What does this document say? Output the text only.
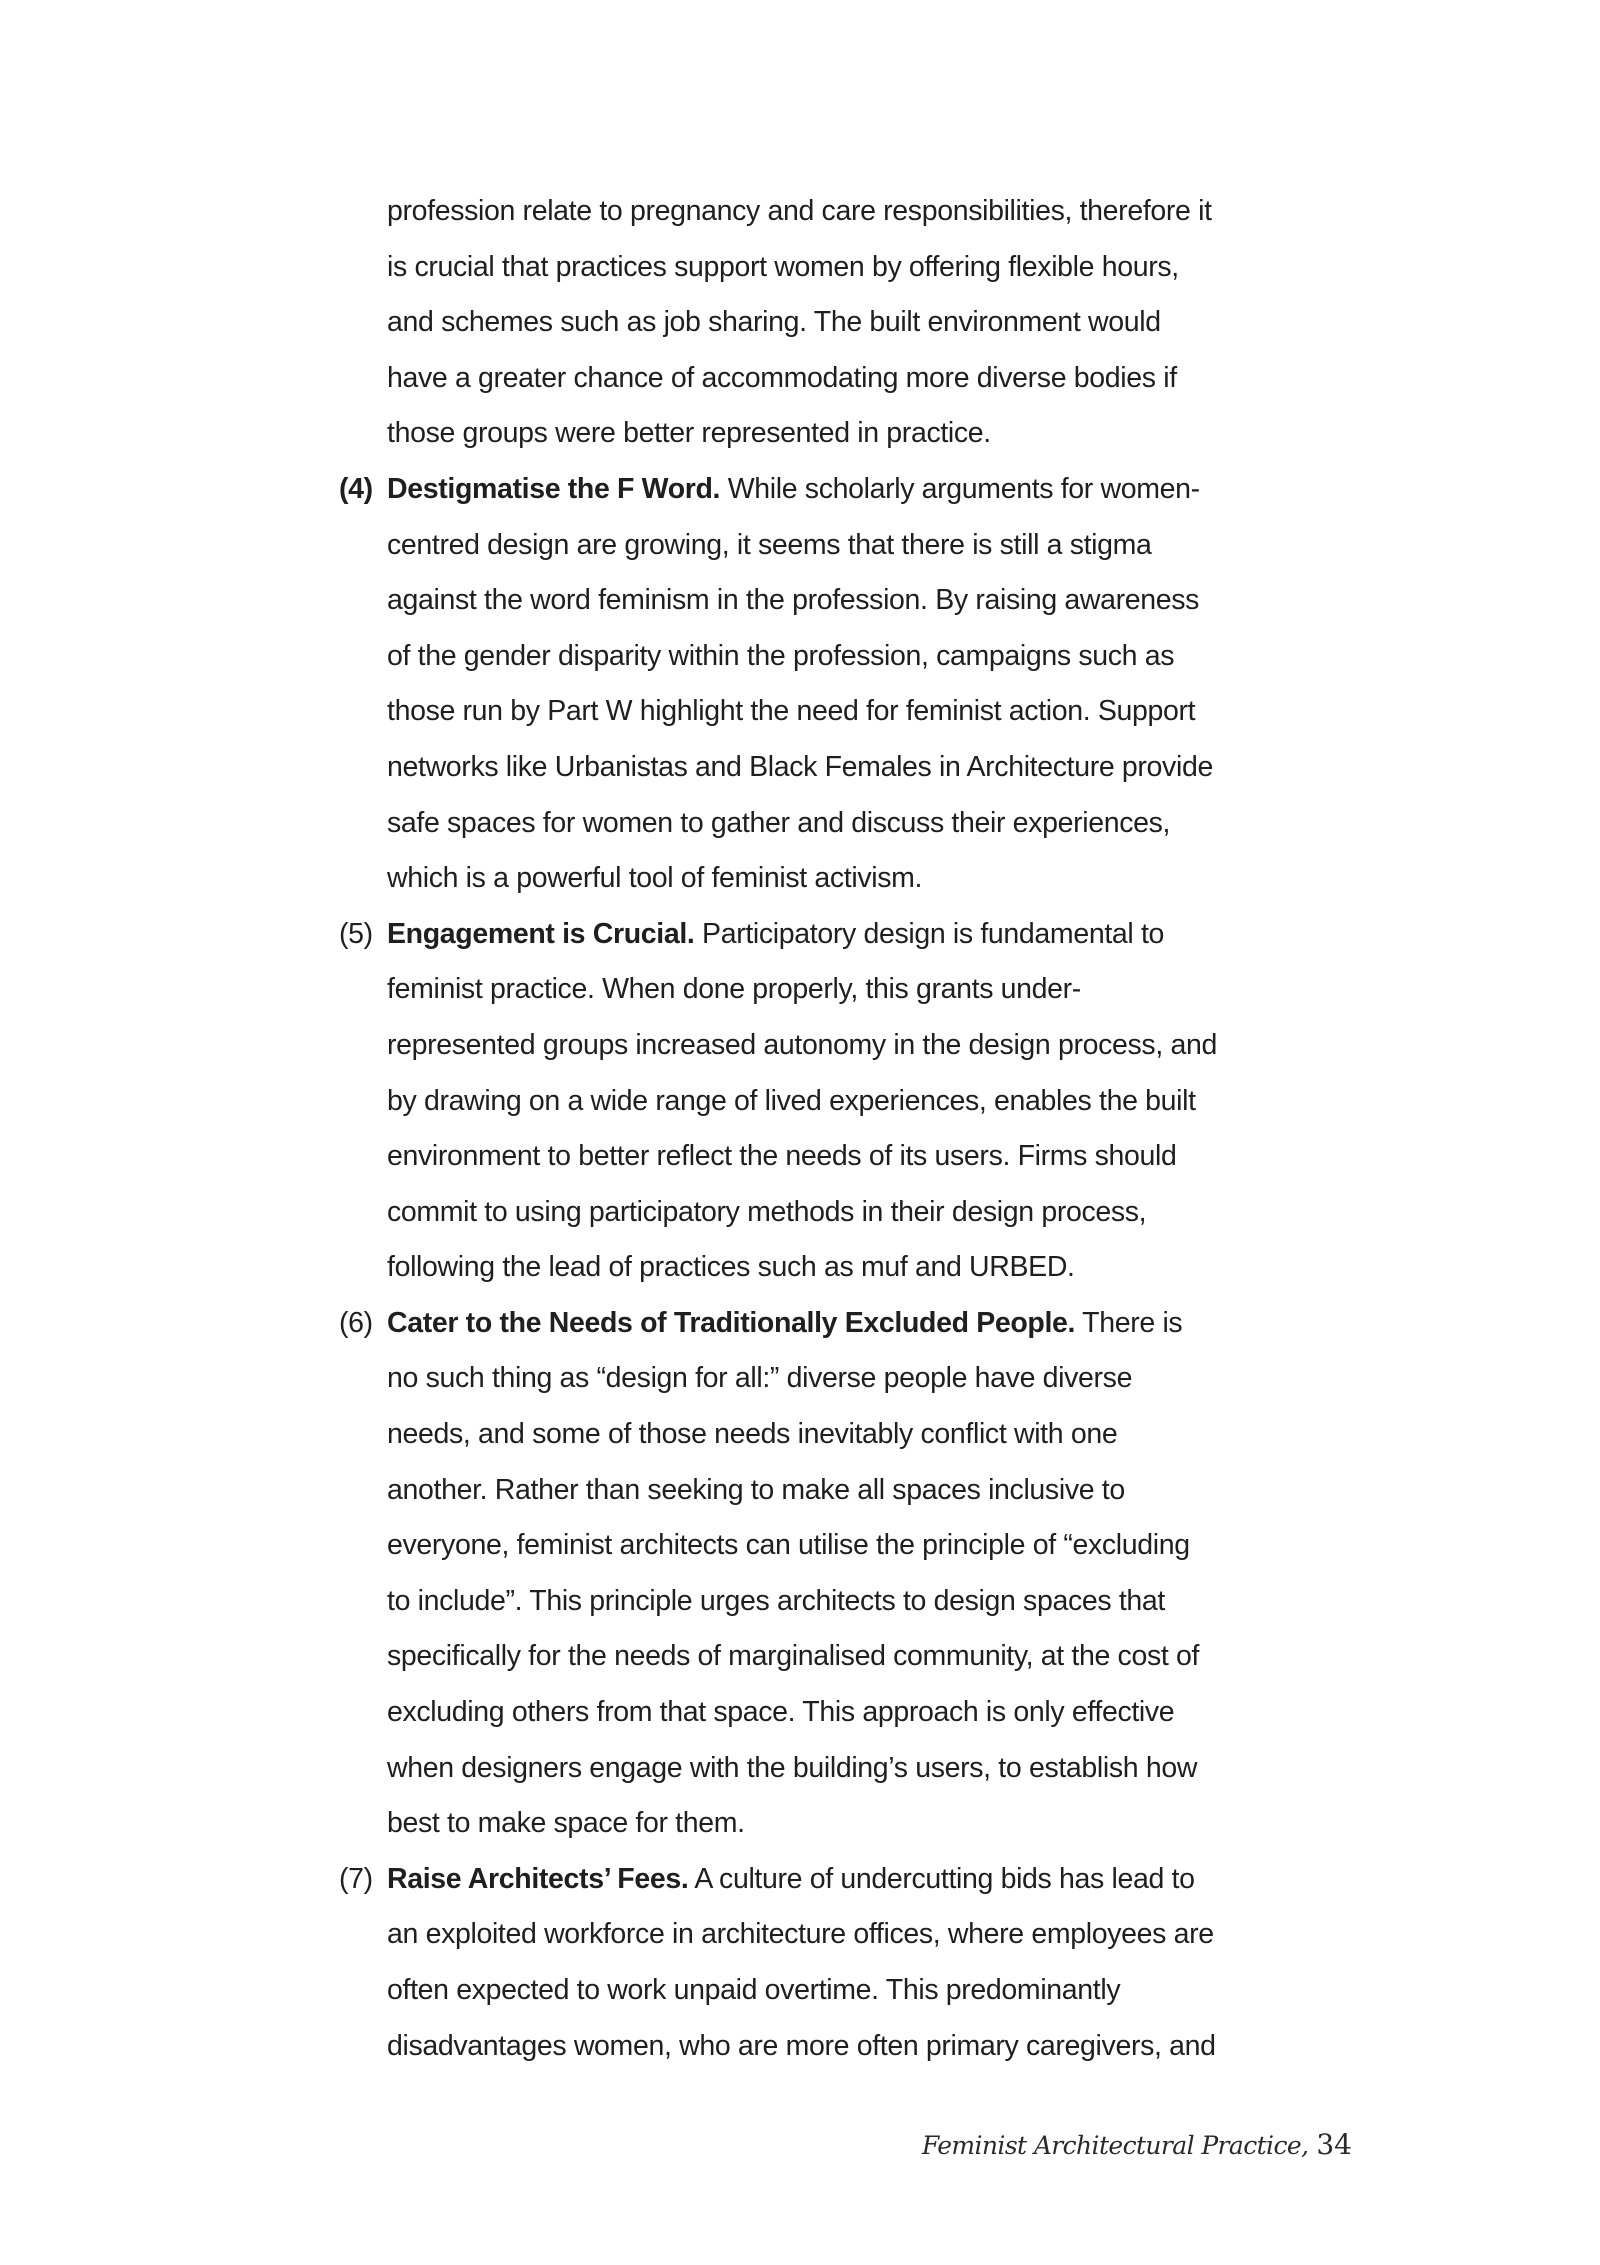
profession relate to pregnancy and care responsibilities, therefore it
is crucial that practices support women by offering flexible hours,
and schemes such as job sharing. The built environment would
have a greater chance of accommodating more diverse bodies if
those groups were better represented in practice.
(4) Destigmatise the F Word. While scholarly arguments for women-
centred design are growing, it seems that there is still a stigma
against the word feminism in the profession. By raising awareness
of the gender disparity within the profession, campaigns such as
those run by Part W highlight the need for feminist action. Support
networks like Urbanistas and Black Females in Architecture provide
safe spaces for women to gather and discuss their experiences,
which is a powerful tool of feminist activism.
(5) Engagement is Crucial. Participatory design is fundamental to
feminist practice. When done properly, this grants under-
represented groups increased autonomy in the design process, and
by drawing on a wide range of lived experiences, enables the built
environment to better reflect the needs of its users. Firms should
commit to using participatory methods in their design process,
following the lead of practices such as muf and URBED.
(6) Cater to the Needs of Traditionally Excluded People. There is
no such thing as “design for all:” diverse people have diverse
needs, and some of those needs inevitably conflict with one
another. Rather than seeking to make all spaces inclusive to
everyone, feminist architects can utilise the principle of “excluding
to include”. This principle urges architects to design spaces that
specifically for the needs of marginalised community, at the cost of
excluding others from that space. This approach is only effective
when designers engage with the building’s users, to establish how
best to make space for them.
(7) Raise Architects’ Fees. A culture of undercutting bids has lead to
an exploited workforce in architecture offices, where employees are
often expected to work unpaid overtime. This predominantly
disadvantages women, who are more often primary caregivers, and
Feminist Architectural Practice, 34
